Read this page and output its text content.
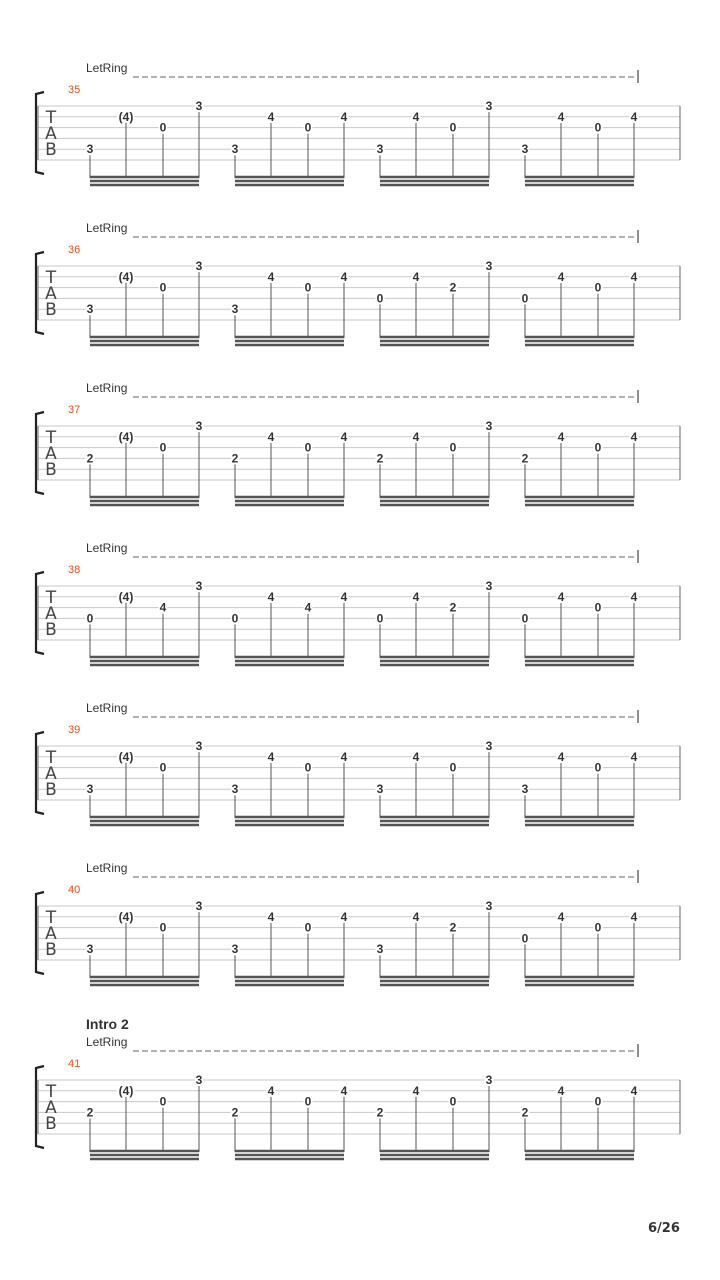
LetRing
35
T
A
B 3
(4)
0
3
3
4
0
4
3
4
0
3
3
4
0
4
LetRing
36
T
A
B 3
(4)
0
3
3
4
0
4
0
4
2
3
0
4
0
4
LetRing
37
T
A
B
2
(4)
0
3
2
4
0
4
2
4
0
3
2
4
0
4
LetRing
38
T
A
B
0
(4)
4
3
0
4
4
4
0
4
2
3
0
4
0
4
LetRing
39
T
A
B 3
(4)
0
3
3
4
0
4
3
4
0
3
3
4
0
4
LetRing
40
T
A
B 3
(4)
0
3
3
4
0
4
3
4
2
3
0
4
0
4
Intro 2
LetRing
41
T
A
B
2
(4)
0
3
2
4
0
4
2
4
0
3
2
4
0
4
6/26
